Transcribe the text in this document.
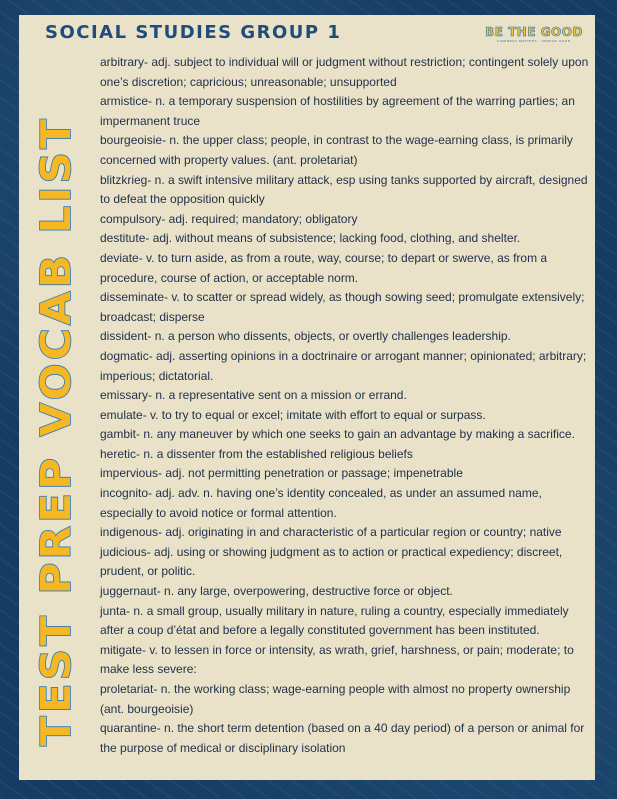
SOCIAL STUDIES GROUP 1	BE THE GOOD
KINDNESS MATTERS · SPREAD GOOD
TEST PREP VOCAB LIST
arbitrary- adj. subject to individual will or judgment without restriction; contingent solely upon one’s discretion; capricious; unreasonable; unsupported
armistice- n. a temporary suspension of hostilities by agreement of the warring parties; an impermanent truce
bourgeoisie- n. the upper class; people, in contrast to the wage-earning class, is primarily concerned with property values. (ant. proletariat)
blitzkrieg- n. a swift intensive military attack, esp using tanks supported by aircraft, designed to defeat the opposition quickly
compulsory- adj. required; mandatory; obligatory
destitute- adj. without means of subsistence; lacking food, clothing, and shelter.
deviate- v. to turn aside, as from a route, way, course; to depart or swerve, as from a procedure, course of action, or acceptable norm.
disseminate- v. to scatter or spread widely, as though sowing seed; promulgate extensively; broadcast; disperse
dissident- n. a person who dissents, objects, or overtly challenges leadership.
dogmatic- adj. asserting opinions in a doctrinaire or arrogant manner; opinionated; arbitrary; imperious; dictatorial.
emissary- n. a representative sent on a mission or errand.
emulate- v. to try to equal or excel; imitate with effort to equal or surpass.
gambit- n. any maneuver by which one seeks to gain an advantage by making a sacrifice.
heretic- n. a dissenter from the established religious beliefs
impervious- adj. not permitting penetration or passage; impenetrable
incognito- adj. adv. n. having one’s identity concealed, as under an assumed name, especially to avoid notice or formal attention.
indigenous- adj. originating in and characteristic of a particular region or country; native
judicious- adj. using or showing judgment as to action or practical expediency; discreet, prudent, or politic.
juggernaut- n. any large, overpowering, destructive force or object.
junta- n. a small group, usually military in nature, ruling a country, especially immediately after a coup d’état and before a legally constituted government has been instituted.
mitigate- v. to lessen in force or intensity, as wrath, grief, harshness, or pain; moderate; to make less severe:
proletariat- n. the working class; wage-earning people with almost no property ownership (ant. bourgeoisie)
quarantine- n. the short term detention (based on a 40 day period) of a person or animal for the purpose of medical or disciplinary isolation
